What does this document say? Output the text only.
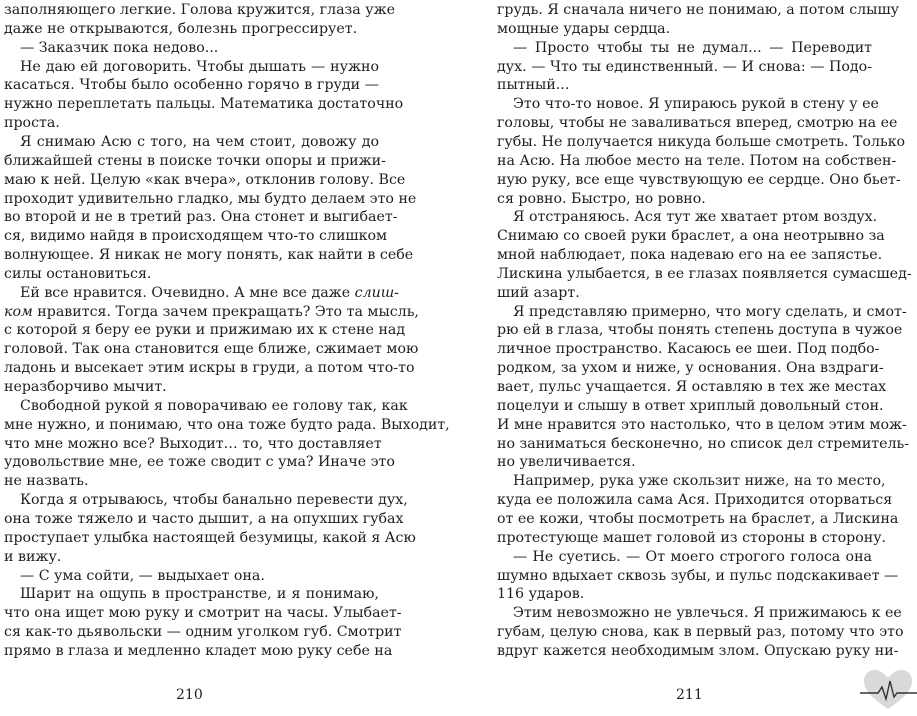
заполняющего легкие. Голова кружится, глаза уже
даже не открываются, болезнь прогрессирует.
— Заказчик пока недово...
Не даю ей договорить. Чтобы дышать — нужно
касаться. Чтобы было особенно горячо в груди —
нужно переплетать пальцы. Математика достаточно
проста.
Я снимаю Асю с того, на чем стоит, довожу до
ближайшей стены в поиске точки опоры и прижи-
маю к ней. Целую «как вчера», отклонив голову. Все
проходит удивительно гладко, мы будто делаем это не
во второй и не в третий раз. Она стонет и выгибает-
ся, видимо найдя в происходящем что-то слишком
волнующее. Я никак не могу понять, как найти в себе
силы остановиться.
Ей все нравится. Очевидно. А мне все даже слиш-
ком нравится. Тогда зачем прекращать? Это та мысль,
с которой я беру ее руки и прижимаю их к стене над
головой. Так она становится еще ближе, сжимает мою
ладонь и высекает этим искры в груди, а потом что-то
неразборчиво мычит.
Свободной рукой я поворачиваю ее голову так, как
мне нужно, и понимаю, что она тоже будто рада. Выходит,
что мне можно все? Выходит… то, что доставляет
удовольствие мне, ее тоже сводит с ума? Иначе это
не назвать.
Когда я отрываюсь, чтобы банально перевести дух,
она тоже тяжело и часто дышит, а на опухших губах
проступает улыбка настоящей безумицы, какой я Асю
и вижу.
— С ума сойти, — выдыхает она.
Шарит на ощупь в пространстве, и я понимаю,
что она ищет мою руку и смотрит на часы. Улыбает-
ся как-то дьявольски — одним уголком губ. Смотрит
прямо в глаза и медленно кладет мою руку себе на
210
грудь. Я сначала ничего не понимаю, а потом слышу
мощные удары сердца.
— Просто чтобы ты не думал... — Переводит
дух. — Что ты единственный. — И снова: — Подо-
пытный...
Это что-то новое. Я упираюсь рукой в стену у ее
головы, чтобы не заваливаться вперед, смотрю на ее
губы. Не получается никуда больше смотреть. Только
на Асю. На любое место на теле. Потом на собствен-
ную руку, все еще чувствующую ее сердце. Оно бьет-
ся ровно. Быстро, но ровно.
Я отстраняюсь. Ася тут же хватает ртом воздух.
Снимаю со своей руки браслет, а она неотрывно за
мной наблюдает, пока надеваю его на ее запястье.
Лискина улыбается, в ее глазах появляется сумасшед-
ший азарт.
Я представляю примерно, что могу сделать, и смот-
рю ей в глаза, чтобы понять степень доступа в чужое
личное пространство. Касаюсь ее шеи. Под подбо-
родком, за ухом и ниже, у основания. Она вздраги-
вает, пульс учащается. Я оставляю в тех же местах
поцелуи и слышу в ответ хриплый довольный стон.
И мне нравится это настолько, что в целом этим мож-
но заниматься бесконечно, но список дел стремитель-
но увеличивается.
Например, рука уже скользит ниже, на то место,
куда ее положила сама Ася. Приходится оторваться
от ее кожи, чтобы посмотреть на браслет, а Лискина
протестующе машет головой из стороны в сторону.
— Не суетись. — От моего строгого голоса она
шумно вдыхает сквозь зубы, и пульс подскакивает —
116 ударов.
Этим невозможно не увлечься. Я прижимаюсь к ее
губам, целую снова, как в первый раз, потому что это
вдруг кажется необходимым злом. Опускаю руку ни-
211
